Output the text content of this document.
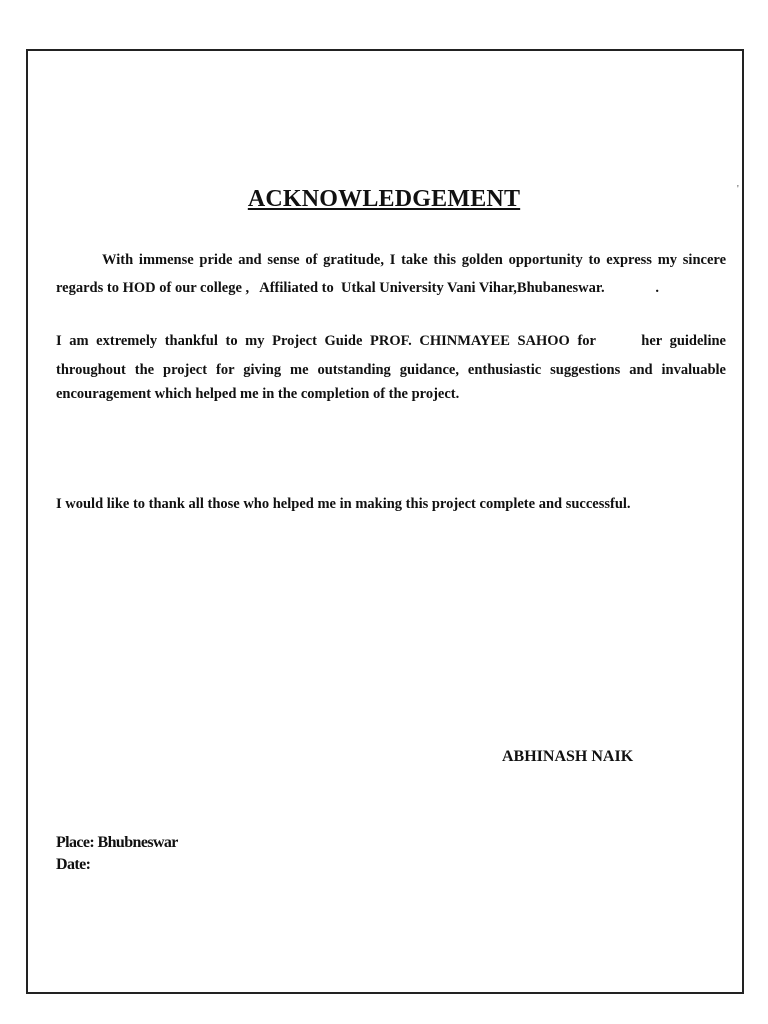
ACKNOWLEDGEMENT	'
With immense pride and sense of gratitude, I take this golden opportunity to express my sincere
regards to HOD of our college ,   Affiliated to  Utkal University Vani Vihar,Bhubaneswar.              .
I am extremely thankful to my Project Guide PROF. CHINMAYEE SAHOO for      her guideline
throughout the project for giving me outstanding guidance, enthusiastic suggestions and invaluable
encouragement which helped me in the completion of the project.
I would like to thank all those who helped me in making this project complete and successful.
ABHINASH NAIK
Place: Bhubneswar
Date:
